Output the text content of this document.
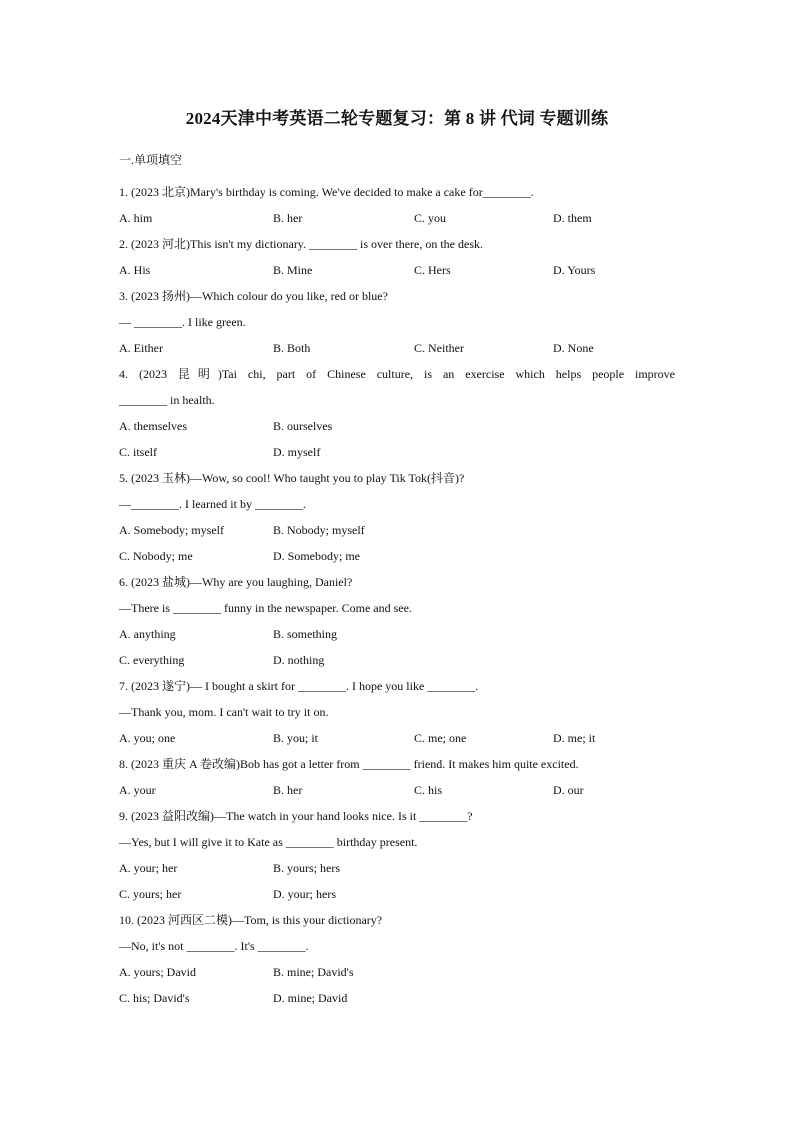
2024天津中考英语二轮专题复习：第 8 讲 代词 专题训练
一.单项填空
1. (2023 北京)Mary's birthday is coming. We've decided to make a cake for________.
A. him	B. her	C. you	D. them
2. (2023 河北)This isn't my dictionary. ________ is over there, on the desk.
A. His	B. Mine	C. Hers	D. Yours
3. (2023 扬州)—Which colour do you like, red or blue?
— ________. I like green.
A. Either	B. Both	C. Neither	D. None
4. (2023 昆明)Tai chi, part of Chinese culture, is an exercise which helps people improve
________ in health.
A. themselves	B. ourselves
C. itself	D. myself
5. (2023 玉林)—Wow, so cool! Who taught you to play Tik Tok(抖音)?
—________. I learned it by ________.
A. Somebody; myself	B. Nobody; myself
C. Nobody; me	D. Somebody; me
6. (2023 盐城)—Why are you laughing, Daniel?
—There is ________ funny in the newspaper. Come and see.
A. anything	B. something
C. everything	D. nothing
7. (2023 遂宁)— I bought a skirt for ________. I hope you like ________.
—Thank you, mom. I can't wait to try it on.
A. you; one	B. you; it	C. me; one	D. me; it
8. (2023 重庆 A 卷改编)Bob has got a letter from ________ friend. It makes him quite excited.
A. your	B. her	C. his	D. our
9. (2023 益阳改编)—The watch in your hand looks nice. Is it ________?
—Yes, but I will give it to Kate as ________ birthday present.
A. your; her	B. yours; hers
C. yours; her	D. your; hers
10. (2023 河西区二模)—Tom, is this your dictionary?
—No, it's not ________. It's ________.
A. yours; David	B. mine; David's
C. his; David's	D. mine; David
